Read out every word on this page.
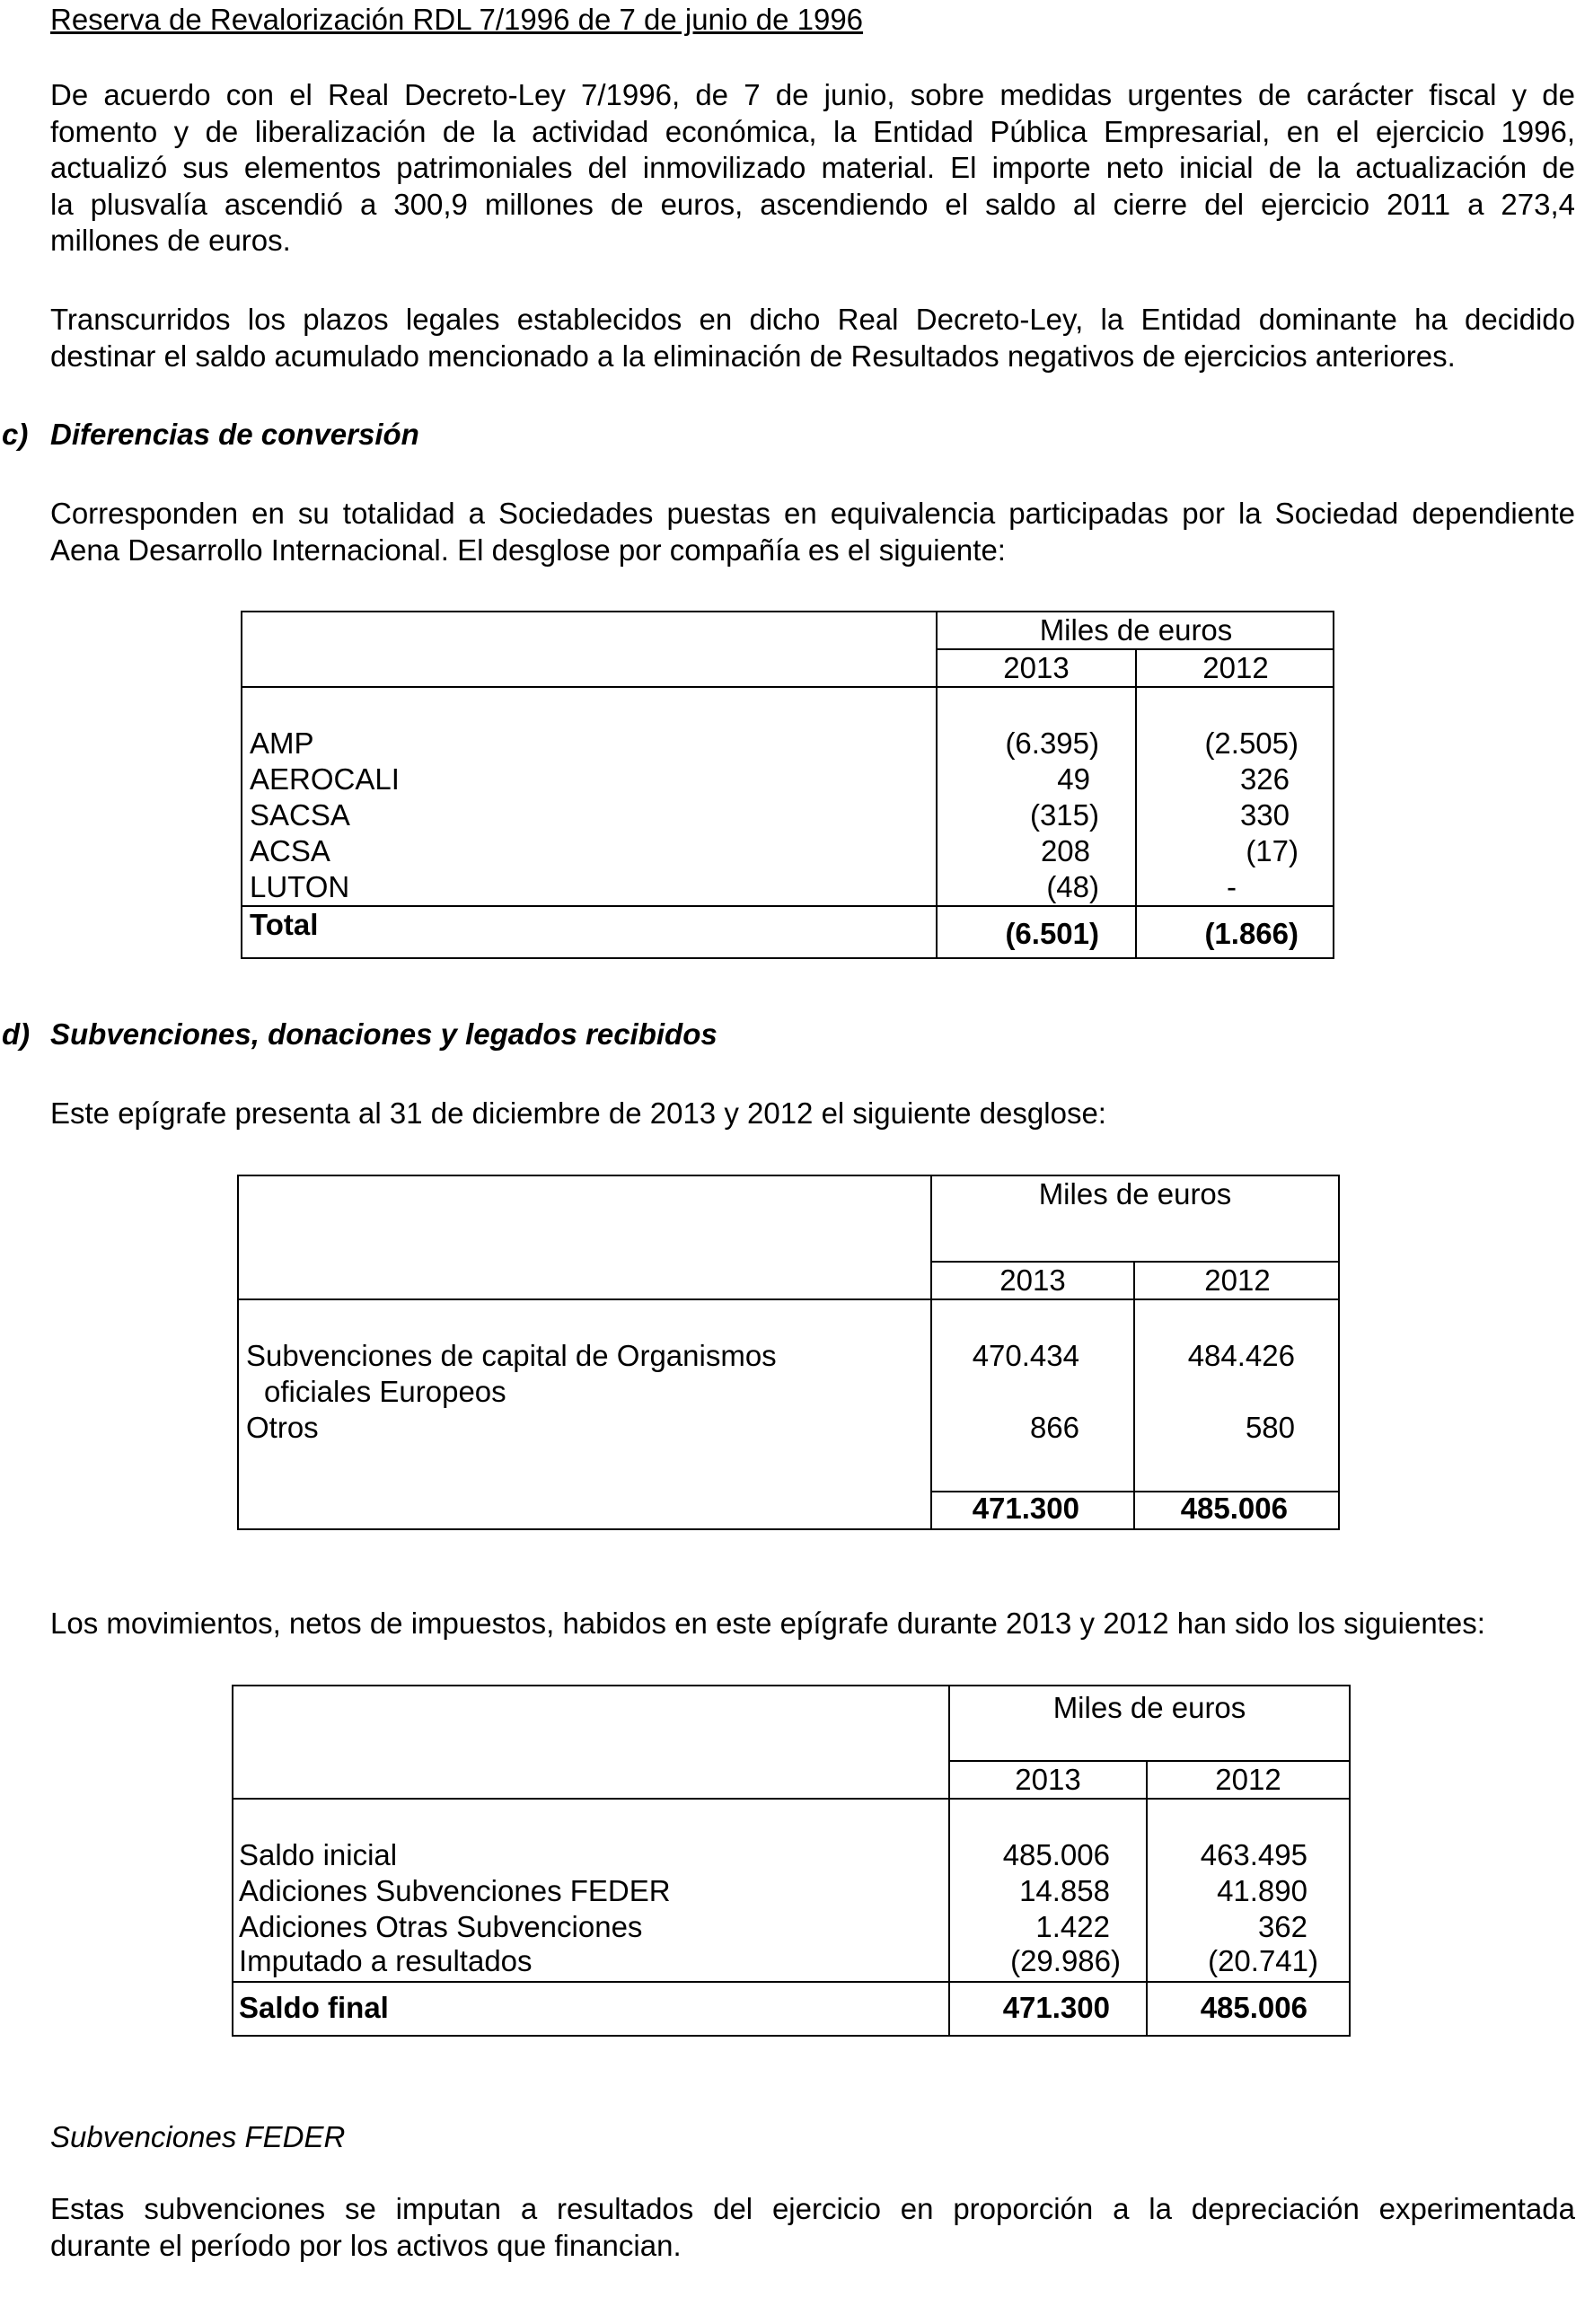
Reserva de Revalorización RDL 7/1996 de 7 de junio de 1996
De acuerdo con el Real Decreto-Ley 7/1996, de 7 de junio, sobre medidas urgentes de carácter fiscal y de
fomento y de liberalización de la actividad económica, la Entidad Pública Empresarial, en el ejercicio 1996,
actualizó sus elementos patrimoniales del inmovilizado material. El importe neto inicial de la actualización de
la plusvalía ascendió a 300,9 millones de euros, ascendiendo el saldo al cierre del ejercicio 2011 a 273,4
millones de euros.
Transcurridos los plazos legales establecidos en dicho Real Decreto-Ley, la Entidad dominante ha decidido
destinar el saldo acumulado mencionado a la eliminación de Resultados negativos de ejercicios anteriores.
c) Diferencias de conversión
Corresponden en su totalidad a Sociedades puestas en equivalencia participadas por la Sociedad dependiente
Aena Desarrollo Internacional. El desglose por compañía es el siguiente:
Miles de euros
2013	2012
AMP	(6.395)	(2.505)
AEROCALI	49	326
SACSA	(315)	330
ACSA	208	(17)
LUTON	(48)	-
Total	(6.501)	(1.866)
d) Subvenciones, donaciones y legados recibidos
Este epígrafe presenta al 31 de diciembre de 2013 y 2012 el siguiente desglose:
Miles de euros
2013	2012
Subvenciones de capital de Organismos
oficiales Europeos
470.434	484.426
Otros	866	580
471.300	485.006
Los movimientos, netos de impuestos, habidos en este epígrafe durante 2013 y 2012 han sido los siguientes:
Miles de euros
2013	2012
Saldo inicial	485.006	463.495
Adiciones Subvenciones FEDER	14.858	41.890
Adiciones Otras Subvenciones	1.422	362
Imputado a resultados	(29.986)	(20.741)
Saldo final	471.300	485.006
Subvenciones FEDER
Estas subvenciones se imputan a resultados del ejercicio en proporción a la depreciación experimentada
durante el período por los activos que financian.
